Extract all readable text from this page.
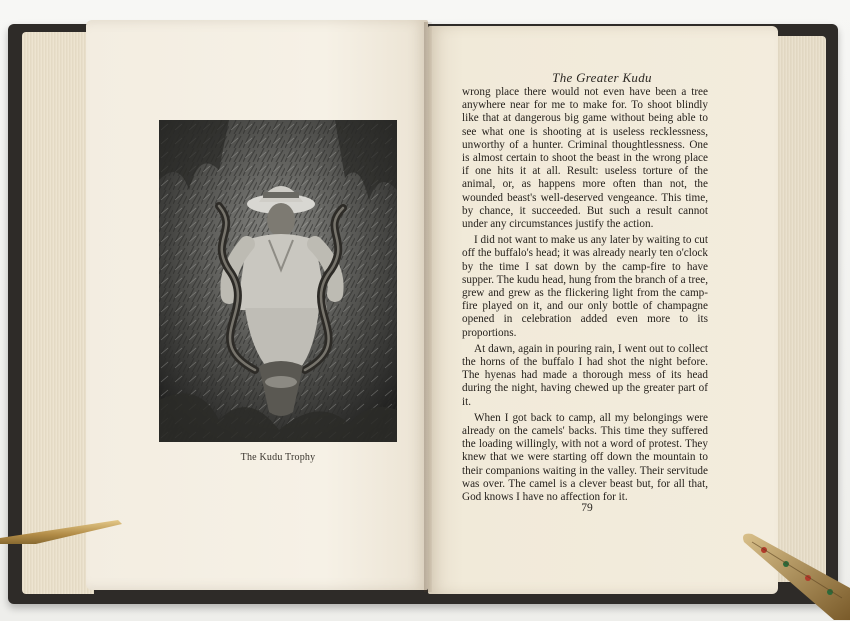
The Kudu Trophy
The Greater Kudu

wrong place there would not even have been a tree anywhere near for me to make for. To shoot blindly like that at dangerous big game without being able to see what one is shooting at is useless recklessness, unworthy of a hunter. Criminal thoughtlessness. One is almost certain to shoot the beast in the wrong place if one hits it at all. Result: useless torture of the animal, or, as happens more often than not, the wounded beast's well-deserved vengeance. This time, by chance, it succeeded. But such a result cannot under any circumstances justify the action.

I did not want to make us any later by waiting to cut off the buffalo's head; it was already nearly ten o'clock by the time I sat down by the camp-fire to have supper. The kudu head, hung from the branch of a tree, grew and grew as the flickering light from the camp-fire played on it, and our only bottle of champagne opened in celebration added even more to its proportions.

At dawn, again in pouring rain, I went out to collect the horns of the buffalo I had shot the night before. The hyenas had made a thorough mess of its head during the night, having chewed up the greater part of it.

When I got back to camp, all my belongings were already on the camels' backs. This time they suffered the loading willingly, with not a word of protest. They knew that we were starting off down the mountain to their companions waiting in the valley. Their servitude was over. The camel is a clever beast but, for all that, God knows I have no affection for it.

79
